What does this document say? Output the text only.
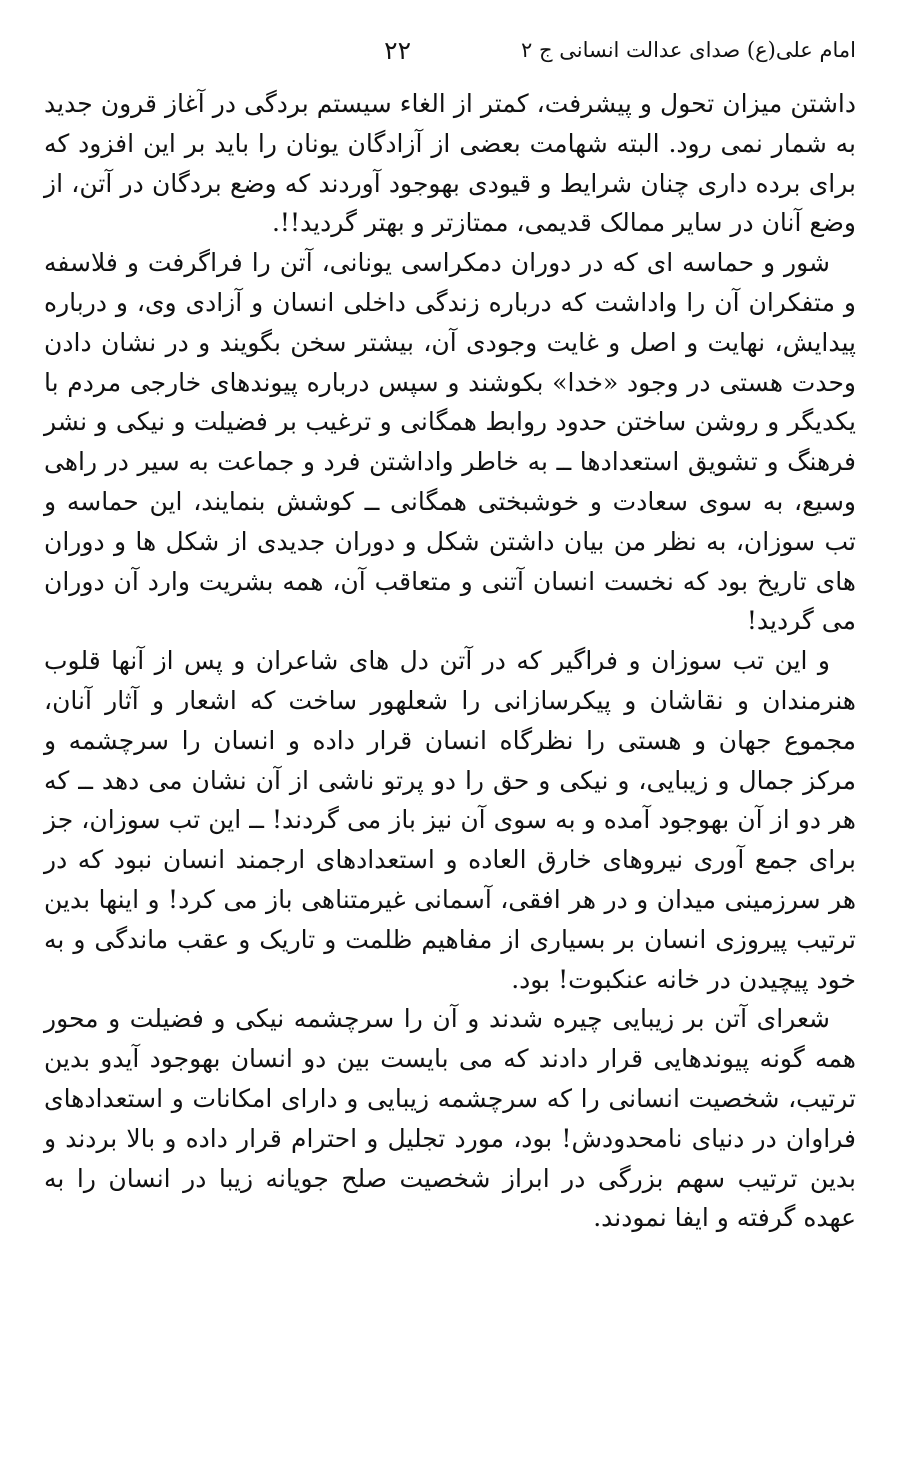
امام علی(ع) صدای عدالت انسانی ج ۲
۲۲

داشتن میزان تحول و پیشرفت، کمتر از الغاء سیستم بردگی در آغاز قرون جدید به شمار نمی رود. البته شهامت بعضی از آزادگان یونان را باید بر این افزود که برای برده داری چنان شرایط و قیودی بهوجود آوردند که وضع بردگان در آتن، از وضع آنان در سایر ممالک قدیمی، ممتازتر و بهتر گردید!!.

شور و حماسه ای که در دوران دمکراسی یونانی، آتن را فراگرفت و فلاسفه و متفکران آن را واداشت که درباره زندگی داخلی انسان و آزادی وی، و درباره پیدایش، نهایت و اصل و غایت وجودی آن، بیشتر سخن بگویند و در نشان دادن وحدت هستی در وجود «خدا» بکوشند و سپس درباره پیوندهای خارجی مردم با یکدیگر و روشن ساختن حدود روابط همگانی و ترغیب بر فضیلت و نیکی و نشر فرهنگ و تشویق استعدادها ــ به خاطر واداشتن فرد و جماعت به سیر در راهی وسیع، به سوی سعادت و خوشبختی همگانی ــ کوشش بنمایند، این حماسه و تب سوزان، به نظر من بیان داشتن شکل و دوران جدیدی از شکل ها و دوران های تاریخ بود که نخست انسان آتنی و متعاقب آن، همه بشریت وارد آن دوران می گردید!

و این تب سوزان و فراگیر که در آتن دل های شاعران و پس از آنها قلوب هنرمندان و نقاشان و پیکرسازانی را شعلهور ساخت که اشعار و آثار آنان، مجموع جهان و هستی را نظرگاه انسان قرار داده و انسان را سرچشمه و مرکز جمال و زیبایی، و نیکی و حق را دو پرتو ناشی از آن نشان می دهد ــ که هر دو از آن بهوجود آمده و به سوی آن نیز باز می گردند! ــ این تب سوزان، جز برای جمع آوری نیروهای خارق العاده و استعدادهای ارجمند انسان نبود که در هر سرزمینی میدان و در هر افقی، آسمانی غیرمتناهی باز می کرد! و اینها بدین ترتیب پیروزی انسان بر بسیاری از مفاهیم ظلمت و تاریک و عقب ماندگی و به خود پیچیدن در خانه عنکبوت! بود.

شعرای آتن بر زیبایی چیره شدند و آن را سرچشمه نیکی و فضیلت و محور همه گونه پیوندهایی قرار دادند که می بایست بین دو انسان بهوجود آیدو بدین ترتیب، شخصیت انسانی را که سرچشمه زیبایی و دارای امکانات و استعدادهای فراوان در دنیای نامحدودش! بود، مورد تجلیل و احترام قرار داده و بالا بردند و بدین ترتیب سهم بزرگی در ابراز شخصیت صلح جویانه زیبا در انسان را به عهده گرفته و ایفا نمودند.
